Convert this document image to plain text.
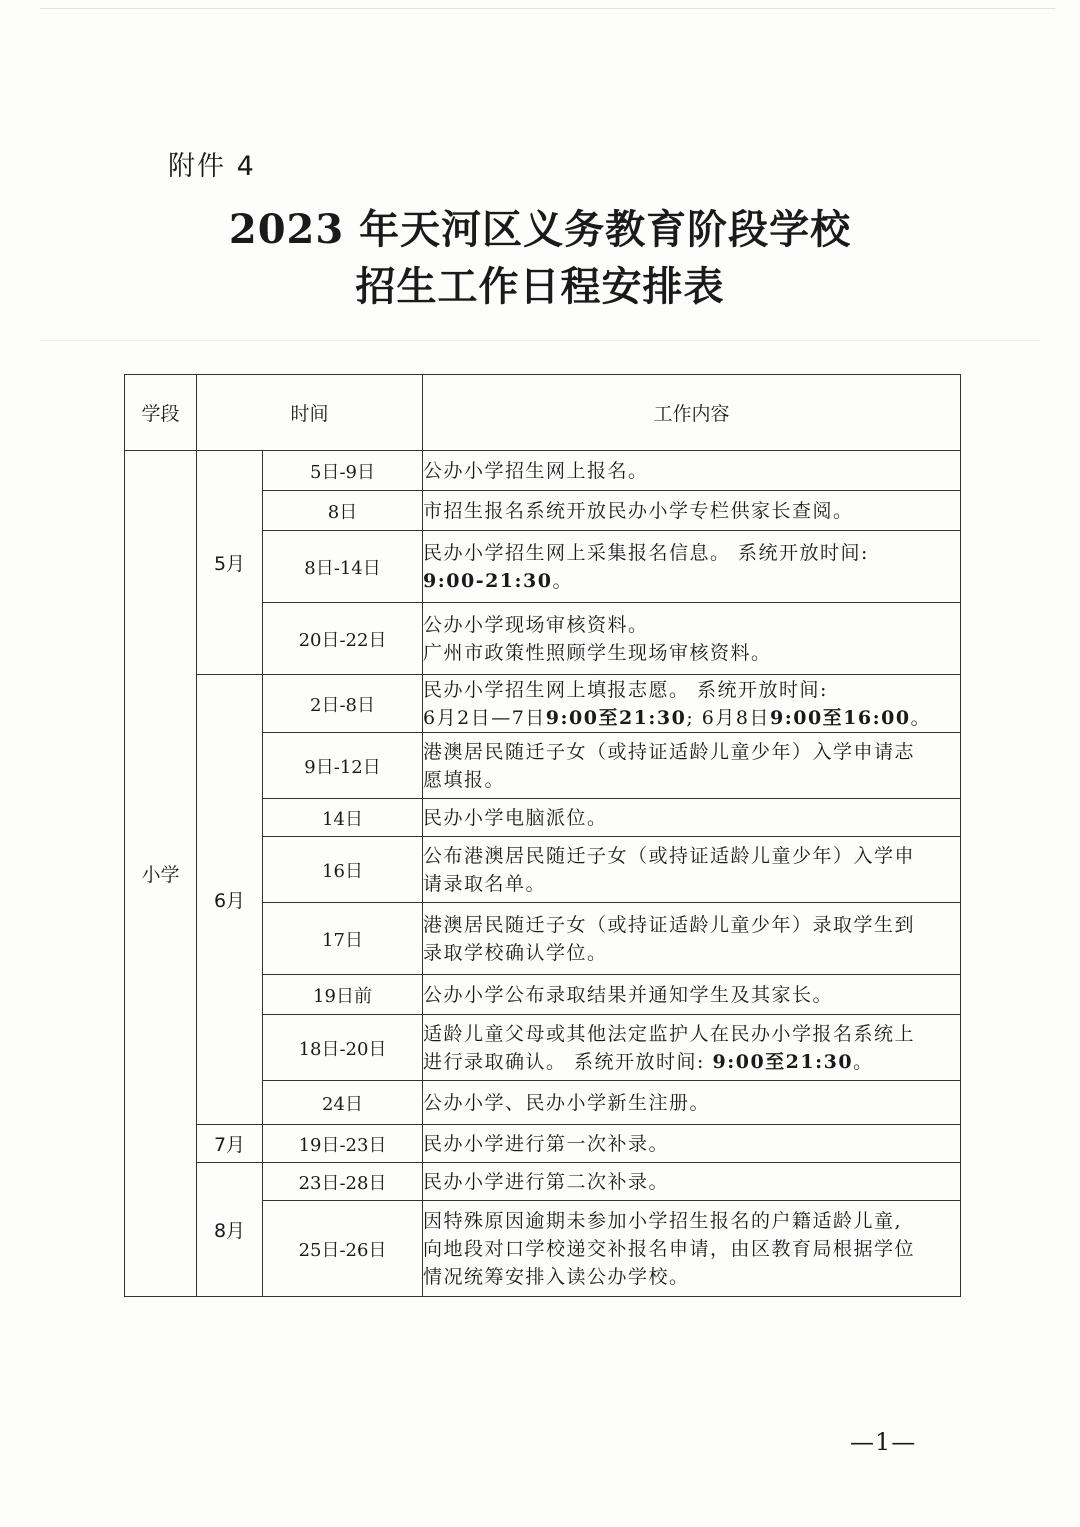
附件 4
2023 年天河区义务教育阶段学校
招生工作日程安排表
学段	时间		工作内容
小学	5月	5日-9日	公办小学招生网上报名。
		8日	市招生报名系统开放民办小学专栏供家长查阅。
		8日-14日	民办小学招生网上采集报名信息。 系统开放时间:
9:00-21:30。
		20日-22日	公办小学现场审核资料。
广州市政策性照顾学生现场审核资料。
	6月	2日-8日	民办小学招生网上填报志愿。 系统开放时间:
6月2日—7日9:00至21:30; 6月8日9:00至16:00。
		9日-12日	港澳居民随迁子女（或持证适龄儿童少年）入学申请志
愿填报。
		14日	民办小学电脑派位。
		16日	公布港澳居民随迁子女（或持证适龄儿童少年）入学申
请录取名单。
		17日	港澳居民随迁子女（或持证适龄儿童少年）录取学生到
录取学校确认学位。
		19日前	公办小学公布录取结果并通知学生及其家长。
		18日-20日	适龄儿童父母或其他法定监护人在民办小学报名系统上
进行录取确认。 系统开放时间: 9:00至21:30。
		24日	公办小学、民办小学新生注册。
	7月	19日-23日	民办小学进行第一次补录。
	8月	23日-28日	民办小学进行第二次补录。
		25日-26日	因特殊原因逾期未参加小学招生报名的户籍适龄儿童,
向地段对口学校递交补报名申请，由区教育局根据学位
情况统筹安排入读公办学校。
—1—
